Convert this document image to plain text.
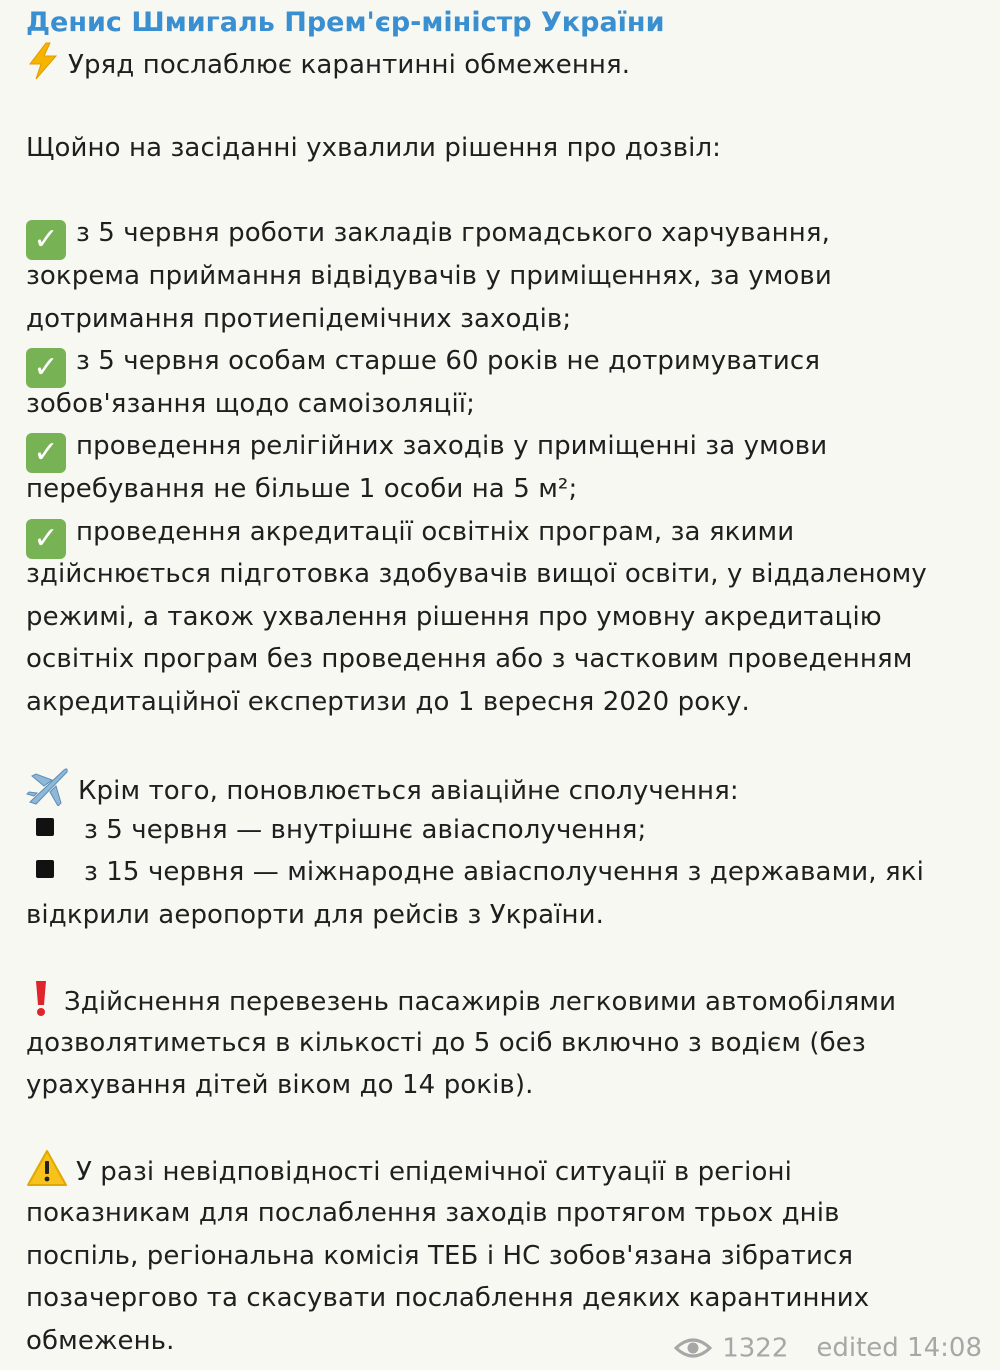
Денис Шмигаль Прем'єр-міністр України
Уряд послаблює карантинні обмеження.
Щойно на засіданні ухвалили рішення про дозвіл:
✓ з 5 червня роботи закладів громадського харчування,
зокрема приймання відвідувачів у приміщеннях, за умови
дотримання протиепідемічних заходів;
✓ з 5 червня особам старше 60 років не дотримуватися
зобов'язання щодо самоізоляції;
✓ проведення релігійних заходів у приміщенні за умови
перебування не більше 1 особи на 5 м²;
✓ проведення акредитації освітніх програм, за якими
здійснюється підготовка здобувачів вищої освіти, у віддаленому
режимі, а також ухвалення рішення про умовну акредитацію
освітніх програм без проведення або з частковим проведенням
акредитаційної експертизи до 1 вересня 2020 року.
Крім того, поновлюється авіаційне сполучення:
з 5 червня — внутрішнє авіасполучення;
з 15 червня — міжнародне авіасполучення з державами, які
відкрили аеропорти для рейсів з України.
Здійснення перевезень пасажирів легковими автомобілями
дозволятиметься в кількості до 5 осіб включно з водієм (без
урахування дітей віком до 14 років).
У разі невідповідності епідемічної ситуації в регіоні
показникам для послаблення заходів протягом трьох днів
поспіль, регіональна комісія ТЕБ і НС зобов'язана зібратися
позачергово та скасувати послаблення деяких карантинних
обмежень.	1322 edited 14:08
